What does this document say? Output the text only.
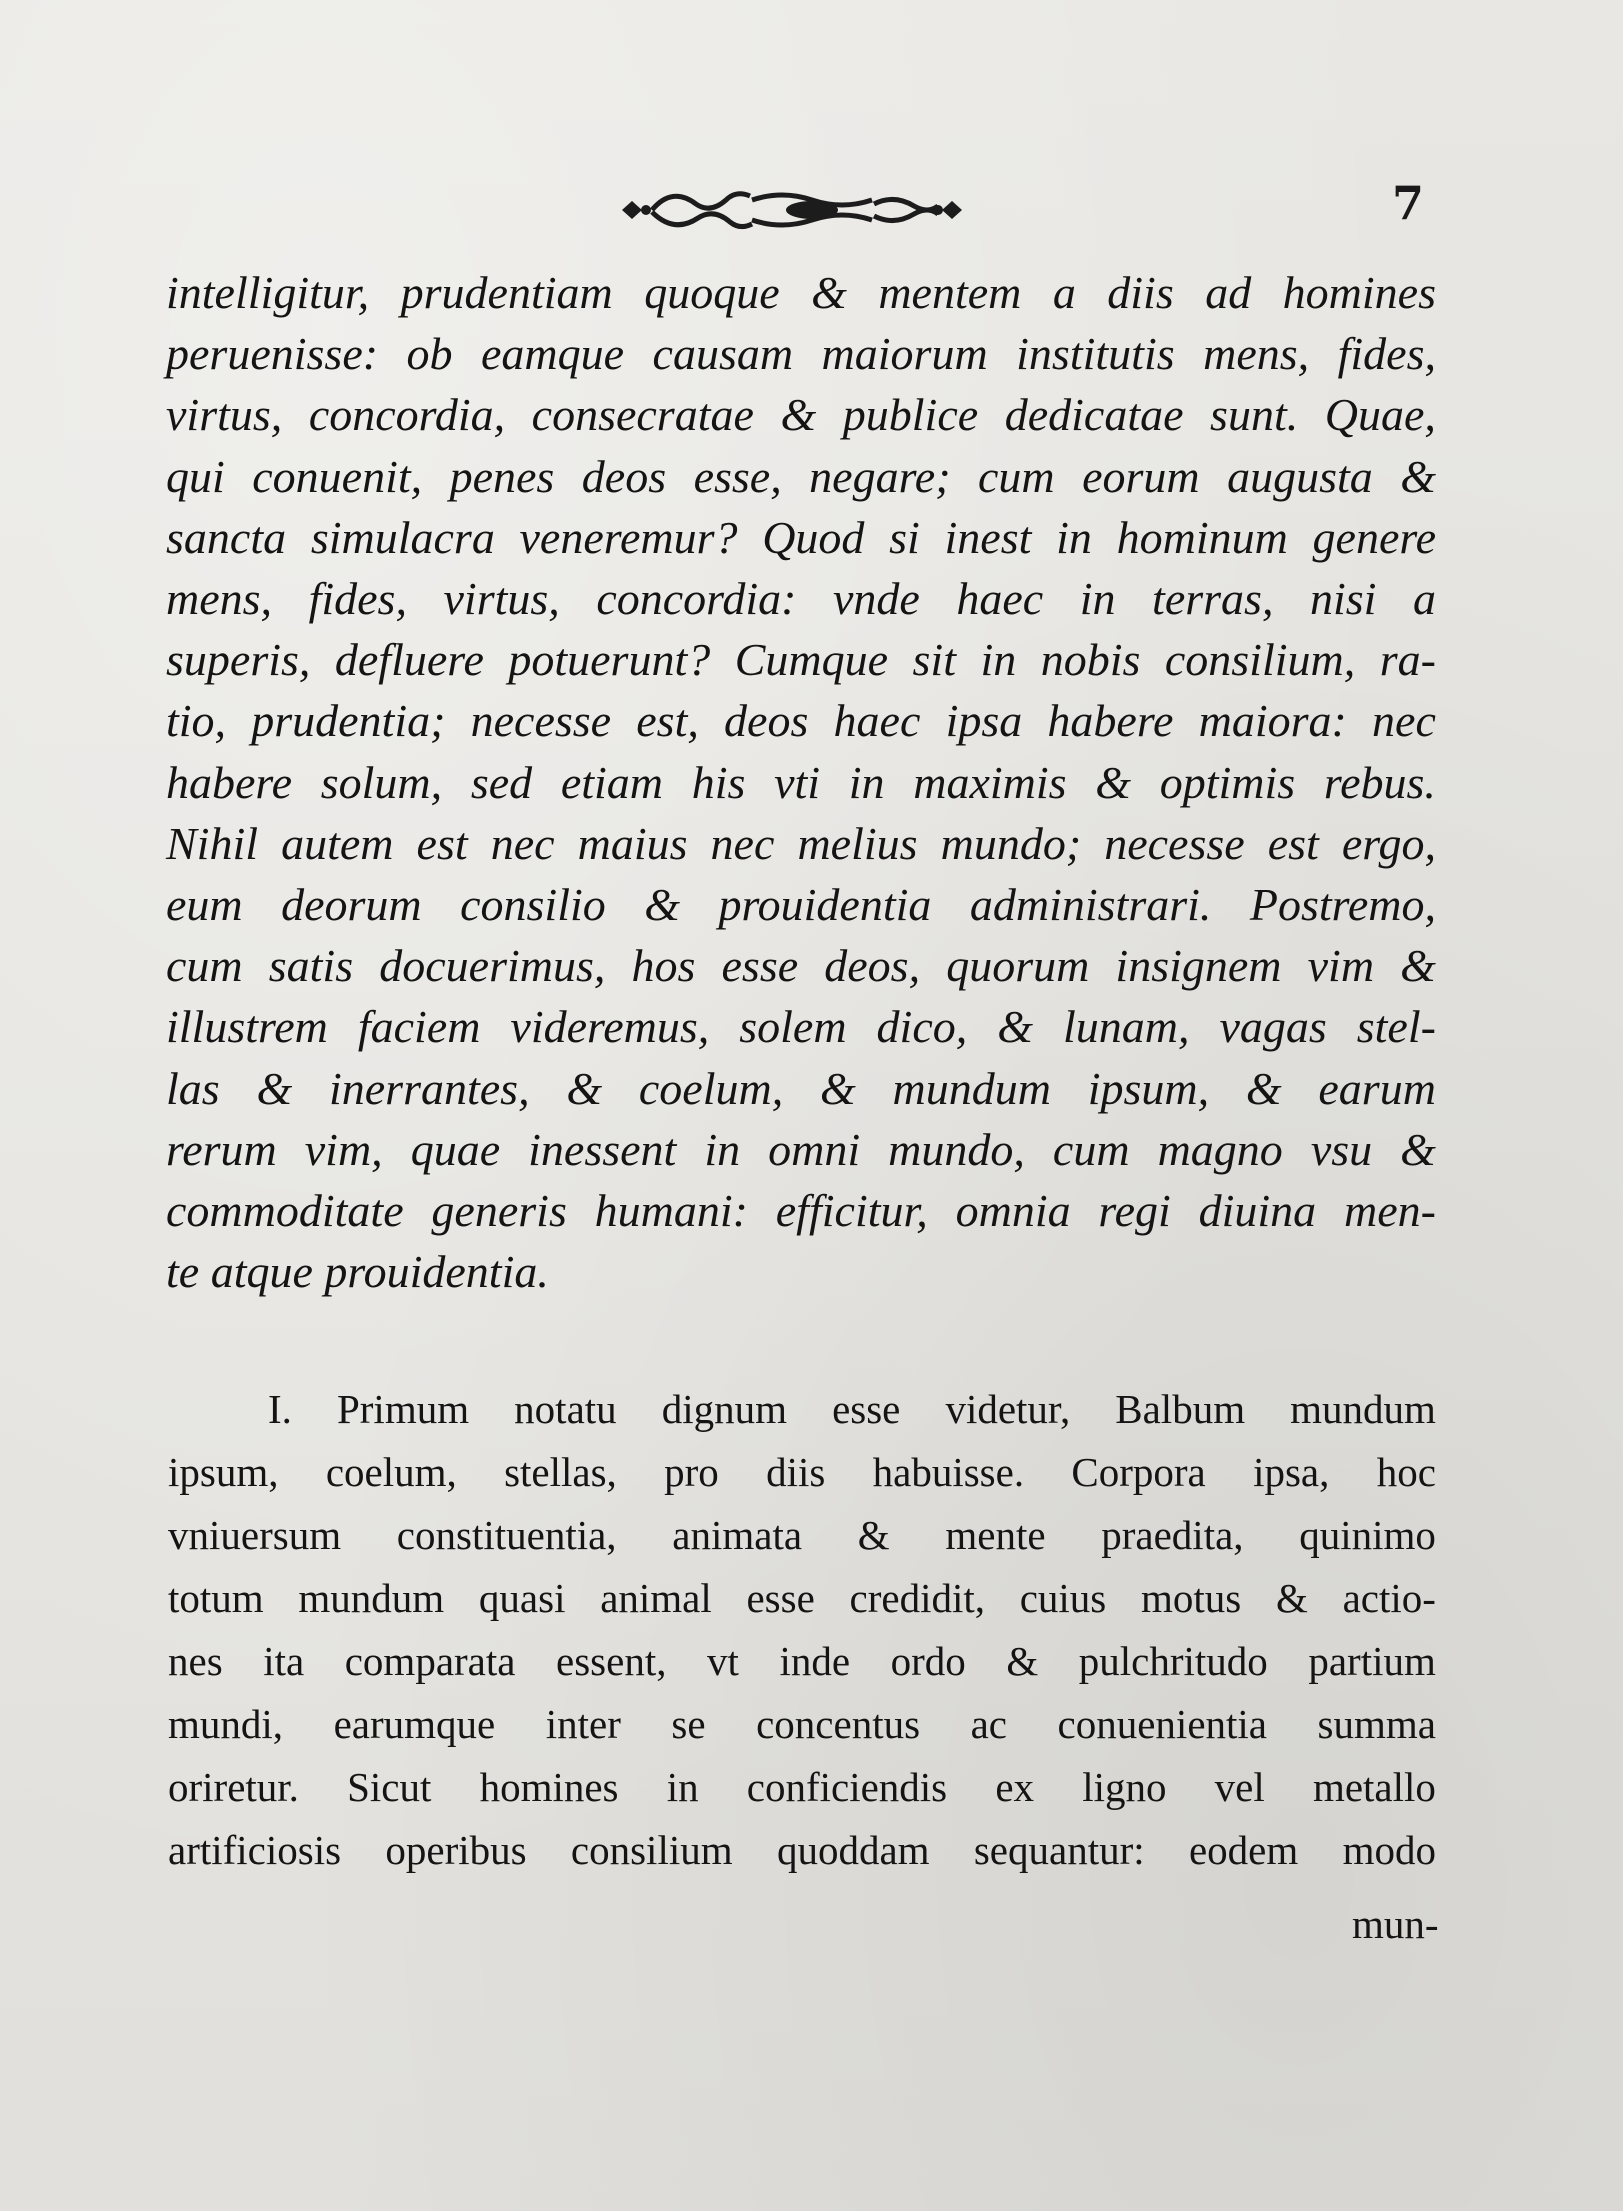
7
intelligitur, prudentiam quoque & mentem a diis ad homines
peruenisse: ob eamque causam maiorum institutis mens, fides,
virtus, concordia, consecratae & publice dedicatae sunt. Quae,
qui conuenit, penes deos esse, negare; cum eorum augusta &
sancta simulacra veneremur? Quod si inest in hominum genere
mens, fides, virtus, concordia: vnde haec in terras, nisi a
superis, defluere potuerunt? Cumque sit in nobis consilium, ra-
tio, prudentia; necesse est, deos haec ipsa habere maiora: nec
habere solum, sed etiam his vti in maximis & optimis rebus.
Nihil autem est nec maius nec melius mundo; necesse est ergo,
eum deorum consilio & prouidentia administrari. Postremo,
cum satis docuerimus, hos esse deos, quorum insignem vim &
illustrem faciem videremus, solem dico, & lunam, vagas stel-
las & inerrantes, & coelum, & mundum ipsum, & earum
rerum vim, quae inessent in omni mundo, cum magno vsu &
commoditate generis humani: efficitur, omnia regi diuina men-
te atque prouidentia.
I. Primum notatu dignum esse videtur, Balbum mundum
ipsum, coelum, stellas, pro diis habuisse. Corpora ipsa, hoc
vniuersum constituentia, animata & mente praedita, quinimo
totum mundum quasi animal esse credidit, cuius motus & actio-
nes ita comparata essent, vt inde ordo & pulchritudo partium
mundi, earumque inter se concentus ac conuenientia summa
oriretur. Sicut homines in conficiendis ex ligno vel metallo
artificiosis operibus consilium quoddam sequantur: eodem modo
mun-
